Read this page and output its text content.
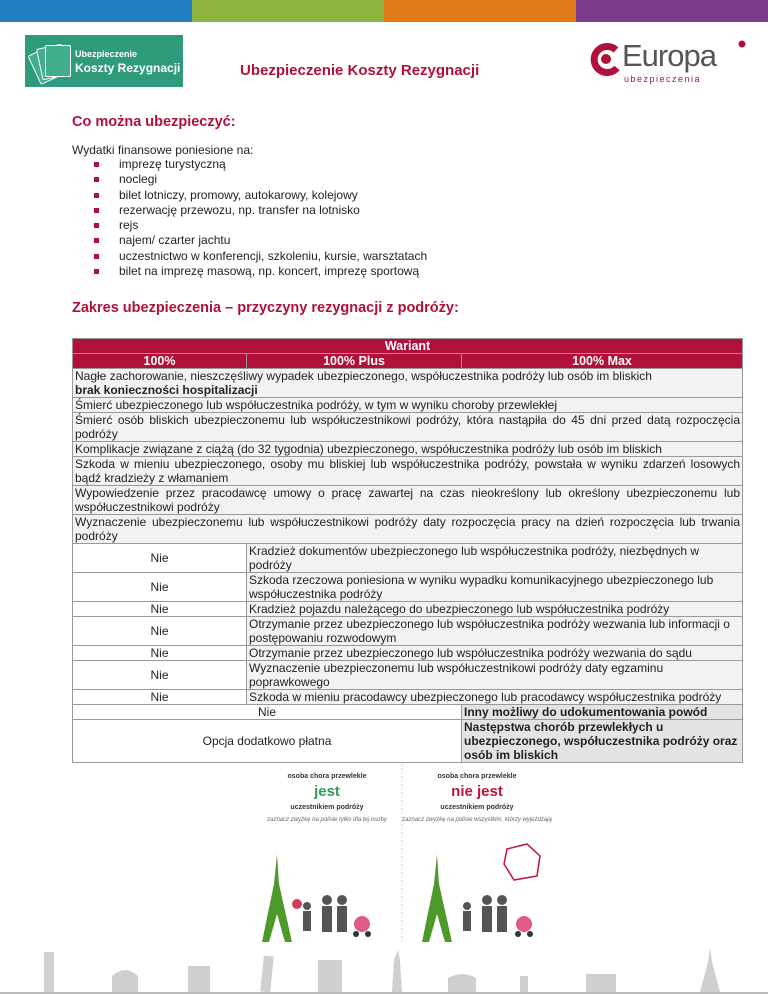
Ubezpieczenie
Koszty Rezygnacji	Ubezpieczenie Koszty Rezygnacji	Europa
ubezpieczenia
Co można ubezpieczyć:
Wydatki finansowe poniesione na:
imprezę turystyczną
noclegi
bilet lotniczy, promowy, autokarowy, kolejowy
rezerwację przewozu, np. transfer na lotnisko
rejs
najem/ czarter jachtu
uczestnictwo w konferencji, szkoleniu, kursie, warsztatach
bilet na imprezę masową, np. koncert, imprezę sportową
Zakres ubezpieczenia – przyczyny rezygnacji z podróży:
Wariant		
100%	100% Plus	100% Max
Nagłe zachorowanie, nieszczęśliwy wypadek ubezpieczonego, współuczestnika podróży lub osób im bliskich
brak konieczności hospitalizacji		
Śmierć ubezpieczonego lub współuczestnika podróży, w tym w wyniku choroby przewlekłej		
Śmierć osób bliskich ubezpieczonemu lub współuczestnikowi podróży, która nastąpiła do 45 dni przed datą rozpoczęcia podróży		
Komplikacje związane z ciążą (do 32 tygodnia) ubezpieczonego, współuczestnika podróży lub osób im bliskich		
Szkoda w mieniu ubezpieczonego, osoby mu bliskiej lub współuczestnika podróży, powstała w wyniku zdarzeń losowych bądź kradzieży z włamaniem		
Wypowiedzenie przez pracodawcę umowy o pracę zawartej na czas nieokreślony lub określony ubezpieczonemu lub współuczestnikowi podróży		
Wyznaczenie ubezpieczonemu lub współuczestnikowi podróży daty rozpoczęcia pracy na dzień rozpoczęcia lub trwania podróży		
Nie	Kradzież dokumentów ubezpieczonego lub współuczestnika podróży, niezbędnych w podróży	
Nie	Szkoda rzeczowa poniesiona w wyniku wypadku komunikacyjnego ubezpieczonego lub współuczestnika podróży	
Nie	Kradzież pojazdu należącego do ubezpieczonego lub współuczestnika podróży	
Nie	Otrzymanie przez ubezpieczonego lub współuczestnika podróży wezwania lub informacji o postępowaniu rozwodowym	
Nie	Otrzymanie przez ubezpieczonego lub współuczestnika podróży wezwania do sądu	
Nie	Wyznaczenie ubezpieczonemu lub współuczestnikowi podróży daty egzaminu poprawkowego	
Nie	Szkoda w mieniu pracodawcy ubezpieczonego lub pracodawcy współuczestnika podróży	
Nie		Inny możliwy do udokumentowania powód
Opcja dodatkowo płatna		Następstwa chorób przewlekłych u ubezpieczonego, współuczestnika podróży oraz osób im bliskich
osoba chora przewlekle
jest
uczestnikiem podróży
zaznacz zwyżkę na polisie tylko dla tej osoby
osoba chora przewlekle
nie jest
uczestnikiem podróży
zaznacz zwyżkę na polisie wszystkim, którzy wyjeżdżają
